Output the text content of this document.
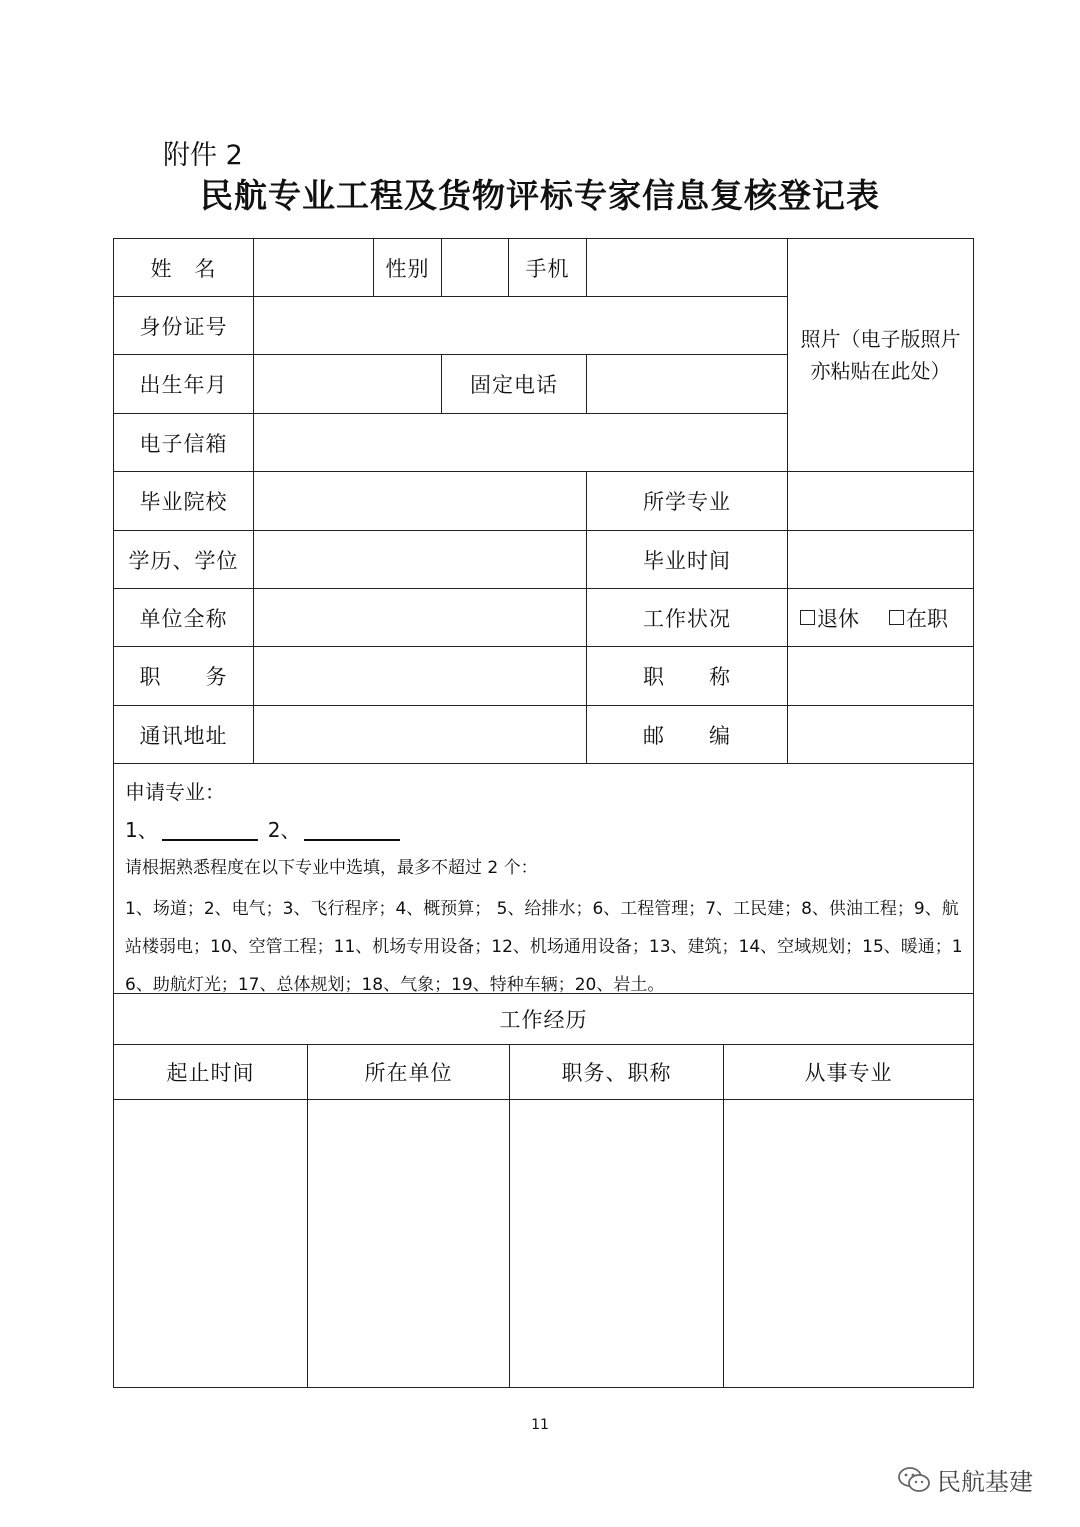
附件 2
民航专业工程及货物评标专家信息复核登记表
姓　名	性别	手机
照片（电子版照片亦粘贴在此处）
身份证号
出生年月	固定电话
电子信箱
毕业院校	所学专业
学历、学位	毕业时间
单位全称	工作状况	退休 在职
职　　务	职　　称
通讯地址	邮　　编
申请专业：
1、	2、
请根据熟悉程度在以下专业中选填，最多不超过 2 个：
1、场道；2、电气；3、飞行程序；4、概预算； 5、给排水；6、工程管理；7、工民建；8、供油工程；9、航站楼弱电；10、空管工程；11、机场专用设备；12、机场通用设备；13、建筑；14、空域规划；15、暖通；16、助航灯光；17、总体规划；18、气象；19、特种车辆；20、岩土。
工作经历
起止时间	所在单位	职务、职称	从事专业
11
民航基建
